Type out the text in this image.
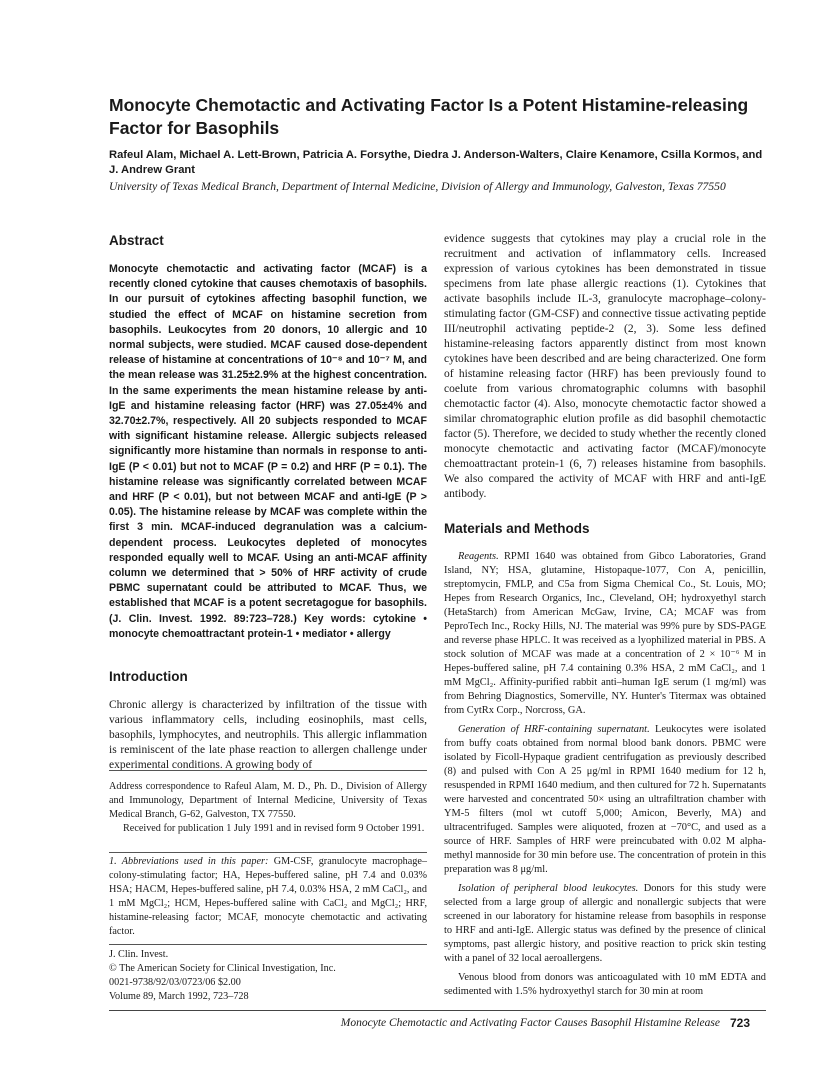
Monocyte Chemotactic and Activating Factor Is a Potent Histamine-releasing Factor for Basophils
Rafeul Alam, Michael A. Lett-Brown, Patricia A. Forsythe, Diedra J. Anderson-Walters, Claire Kenamore, Csilla Kormos, and J. Andrew Grant
University of Texas Medical Branch, Department of Internal Medicine, Division of Allergy and Immunology, Galveston, Texas 77550
Abstract

Monocyte chemotactic and activating factor (MCAF) is a recently cloned cytokine that causes chemotaxis of basophils. In our pursuit of cytokines affecting basophil function, we studied the effect of MCAF on histamine secretion from basophils. Leukocytes from 20 donors, 10 allergic and 10 normal subjects, were studied. MCAF caused dose-dependent release of histamine at concentrations of 10⁻⁸ and 10⁻⁷ M, and the mean release was 31.25±2.9% at the highest concentration. In the same experiments the mean histamine release by anti-IgE and histamine releasing factor (HRF) was 27.05±4% and 32.70±2.7%, respectively. All 20 subjects responded to MCAF with significant histamine release. Allergic subjects released significantly more histamine than normals in response to anti-IgE (P < 0.01) but not to MCAF (P = 0.2) and HRF (P = 0.1). The histamine release was significantly correlated between MCAF and HRF (P < 0.01), but not between MCAF and anti-IgE (P > 0.05). The histamine release by MCAF was complete within the first 3 min. MCAF-induced degranulation was a calcium-dependent process. Leukocytes depleted of monocytes responded equally well to MCAF. Using an anti-MCAF affinity column we determined that > 50% of HRF activity of crude PBMC supernatant could be attributed to MCAF. Thus, we established that MCAF is a potent secretagogue for basophils. (J. Clin. Invest. 1992. 89:723–728.) Key words: cytokine • monocyte chemoattractant protein-1 • mediator • allergy

Introduction

Chronic allergy is characterized by infiltration of the tissue with various inflammatory cells, including eosinophils, mast cells, basophils, lymphocytes, and neutrophils. This allergic inflammation is reminiscent of the late phase reaction to allergen challenge under experimental conditions. A growing body of

Address correspondence to Rafeul Alam, M. D., Ph. D., Division of Allergy and Immunology, Department of Internal Medicine, University of Texas Medical Branch, G-62, Galveston, TX 77550.

Received for publication 1 July 1991 and in revised form 9 October 1991.

1. Abbreviations used in this paper: GM-CSF, granulocyte macrophage–colony-stimulating factor; HA, Hepes-buffered saline, pH 7.4 and 0.03% HSA; HACM, Hepes-buffered saline, pH 7.4, 0.03% HSA, 2 mM CaCl₂, and 1 mM MgCl₂; HCM, Hepes-buffered saline with CaCl₂ and MgCl₂; HRF, histamine-releasing factor; MCAF, monocyte chemotactic and activating factor.

J. Clin. Invest.
© The American Society for Clinical Investigation, Inc.
0021-9738/92/03/0723/06 $2.00
Volume 89, March 1992, 723–728

evidence suggests that cytokines may play a crucial role in the recruitment and activation of inflammatory cells. Increased expression of various cytokines has been demonstrated in tissue specimens from late phase allergic reactions (1). Cytokines that activate basophils include IL-3, granulocyte macrophage–colony-stimulating factor (GM-CSF) and connective tissue activating peptide III/neutrophil activating peptide-2 (2, 3). Some less defined histamine-releasing factors apparently distinct from most known cytokines have been described and are being characterized. One form of histamine releasing factor (HRF) has been previously found to coelute from various chromatographic columns with basophil chemotactic factor (4). Also, monocyte chemotactic factor showed a similar chromatographic elution profile as did basophil chemotactic factor (5). Therefore, we decided to study whether the recently cloned monocyte chemotactic and activating factor (MCAF)/monocyte chemoattractant protein-1 (6, 7) releases histamine from basophils. We also compared the activity of MCAF with HRF and anti-IgE antibody.

Materials and Methods

Reagents. RPMI 1640 was obtained from Gibco Laboratories, Grand Island, NY; HSA, glutamine, Histopaque-1077, Con A, penicillin, streptomycin, FMLP, and C5a from Sigma Chemical Co., St. Louis, MO; Hepes from Research Organics, Inc., Cleveland, OH; hydroxyethyl starch (HetaStarch) from American McGaw, Irvine, CA; MCAF was from PeproTech Inc., Rocky Hills, NJ. The material was 99% pure by SDS-PAGE and reverse phase HPLC. It was received as a lyophilized material in PBS. A stock solution of MCAF was made at a concentration of 2 × 10⁻⁶ M in Hepes-buffered saline, pH 7.4 containing 0.3% HSA, 2 mM CaCl₂, and 1 mM MgCl₂. Affinity-purified rabbit anti–human IgE serum (1 mg/ml) was from Behring Diagnostics, Somerville, NY. Hunter's Titermax was obtained from CytRx Corp., Norcross, GA.

Generation of HRF-containing supernatant. Leukocytes were isolated from buffy coats obtained from normal blood bank donors. PBMC were isolated by Ficoll-Hypaque gradient centrifugation as previously described (8) and pulsed with Con A 25 μg/ml in RPMI 1640 medium for 12 h, resuspended in RPMI 1640 medium, and then cultured for 72 h. Supernatants were harvested and concentrated 50× using an ultrafiltration chamber with YM-5 filters (mol wt cutoff 5,000; Amicon, Beverly, MA) and ultracentrifuged. Samples were aliquoted, frozen at −70°C, and used as a source of HRF. Samples of HRF were preincubated with 0.02 M alpha-methyl mannoside for 30 min before use. The concentration of protein in this preparation was 8 μg/ml.

Isolation of peripheral blood leukocytes. Donors for this study were selected from a large group of allergic and nonallergic subjects that were screened in our laboratory for histamine release from basophils in response to HRF and anti-IgE. Allergic status was defined by the presence of clinical symptoms, past allergic history, and positive reaction to prick skin testing with a panel of 32 local aeroallergens.

Venous blood from donors was anticoagulated with 10 mM EDTA and sedimented with 1.5% hydroxyethyl starch for 30 min at room

Monocyte Chemotactic and Activating Factor Causes Basophil Histamine Release 723
